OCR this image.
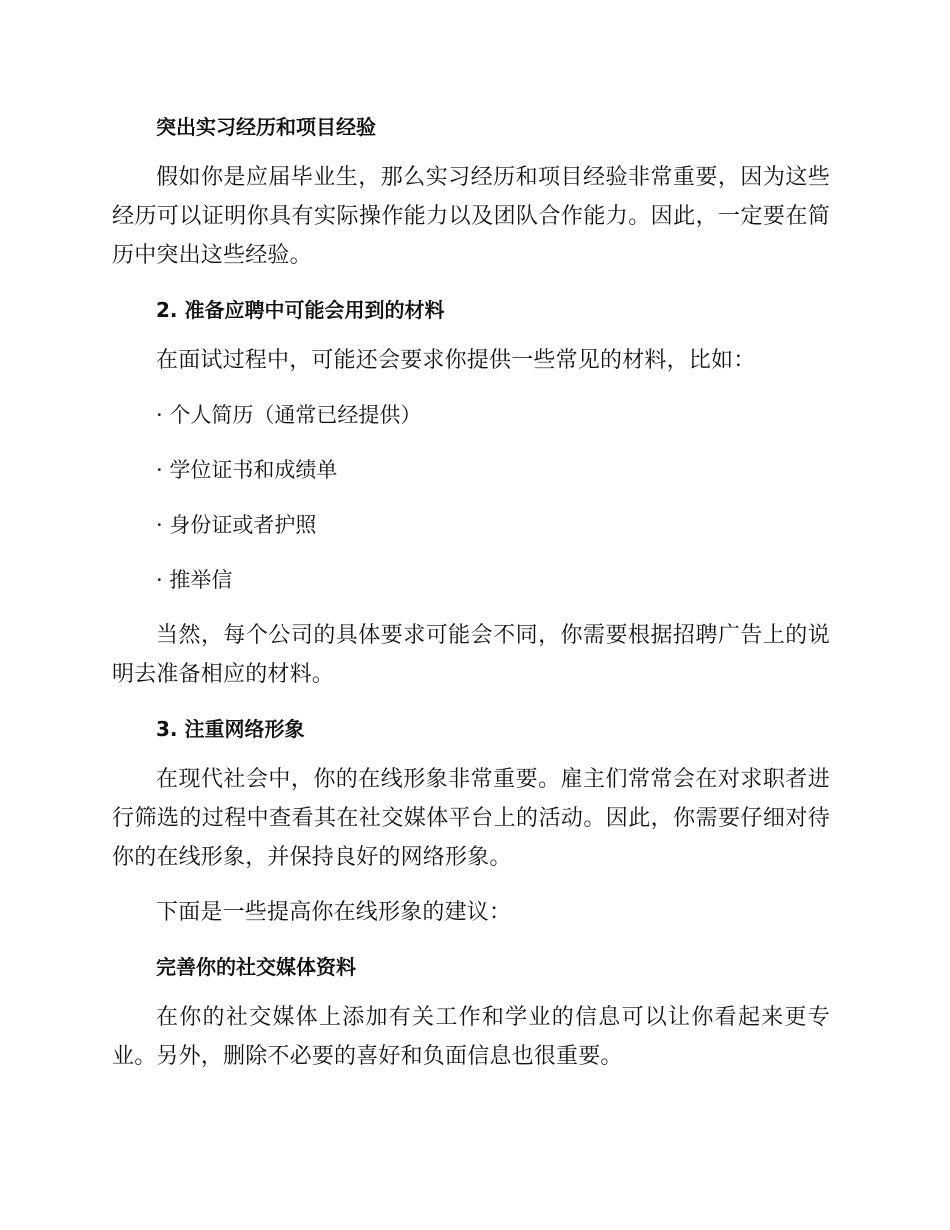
突出实习经历和项目经验

假如你是应届毕业生，那么实习经历和项目经验非常重要，因为这些经历可以证明你具有实际操作能力以及团队合作能力。因此，一定要在简历中突出这些经验。

2. 准备应聘中可能会用到的材料

在面试过程中，可能还会要求你提供一些常见的材料，比如：

· 个人简历（通常已经提供）
· 学位证书和成绩单
· 身份证或者护照
· 推举信

当然，每个公司的具体要求可能会不同，你需要根据招聘广告上的说明去准备相应的材料。

3. 注重网络形象

在现代社会中，你的在线形象非常重要。雇主们常常会在对求职者进行筛选的过程中查看其在社交媒体平台上的活动。因此，你需要仔细对待你的在线形象，并保持良好的网络形象。

下面是一些提高你在线形象的建议：

完善你的社交媒体资料

在你的社交媒体上添加有关工作和学业的信息可以让你看起来更专业。另外，删除不必要的喜好和负面信息也很重要。
